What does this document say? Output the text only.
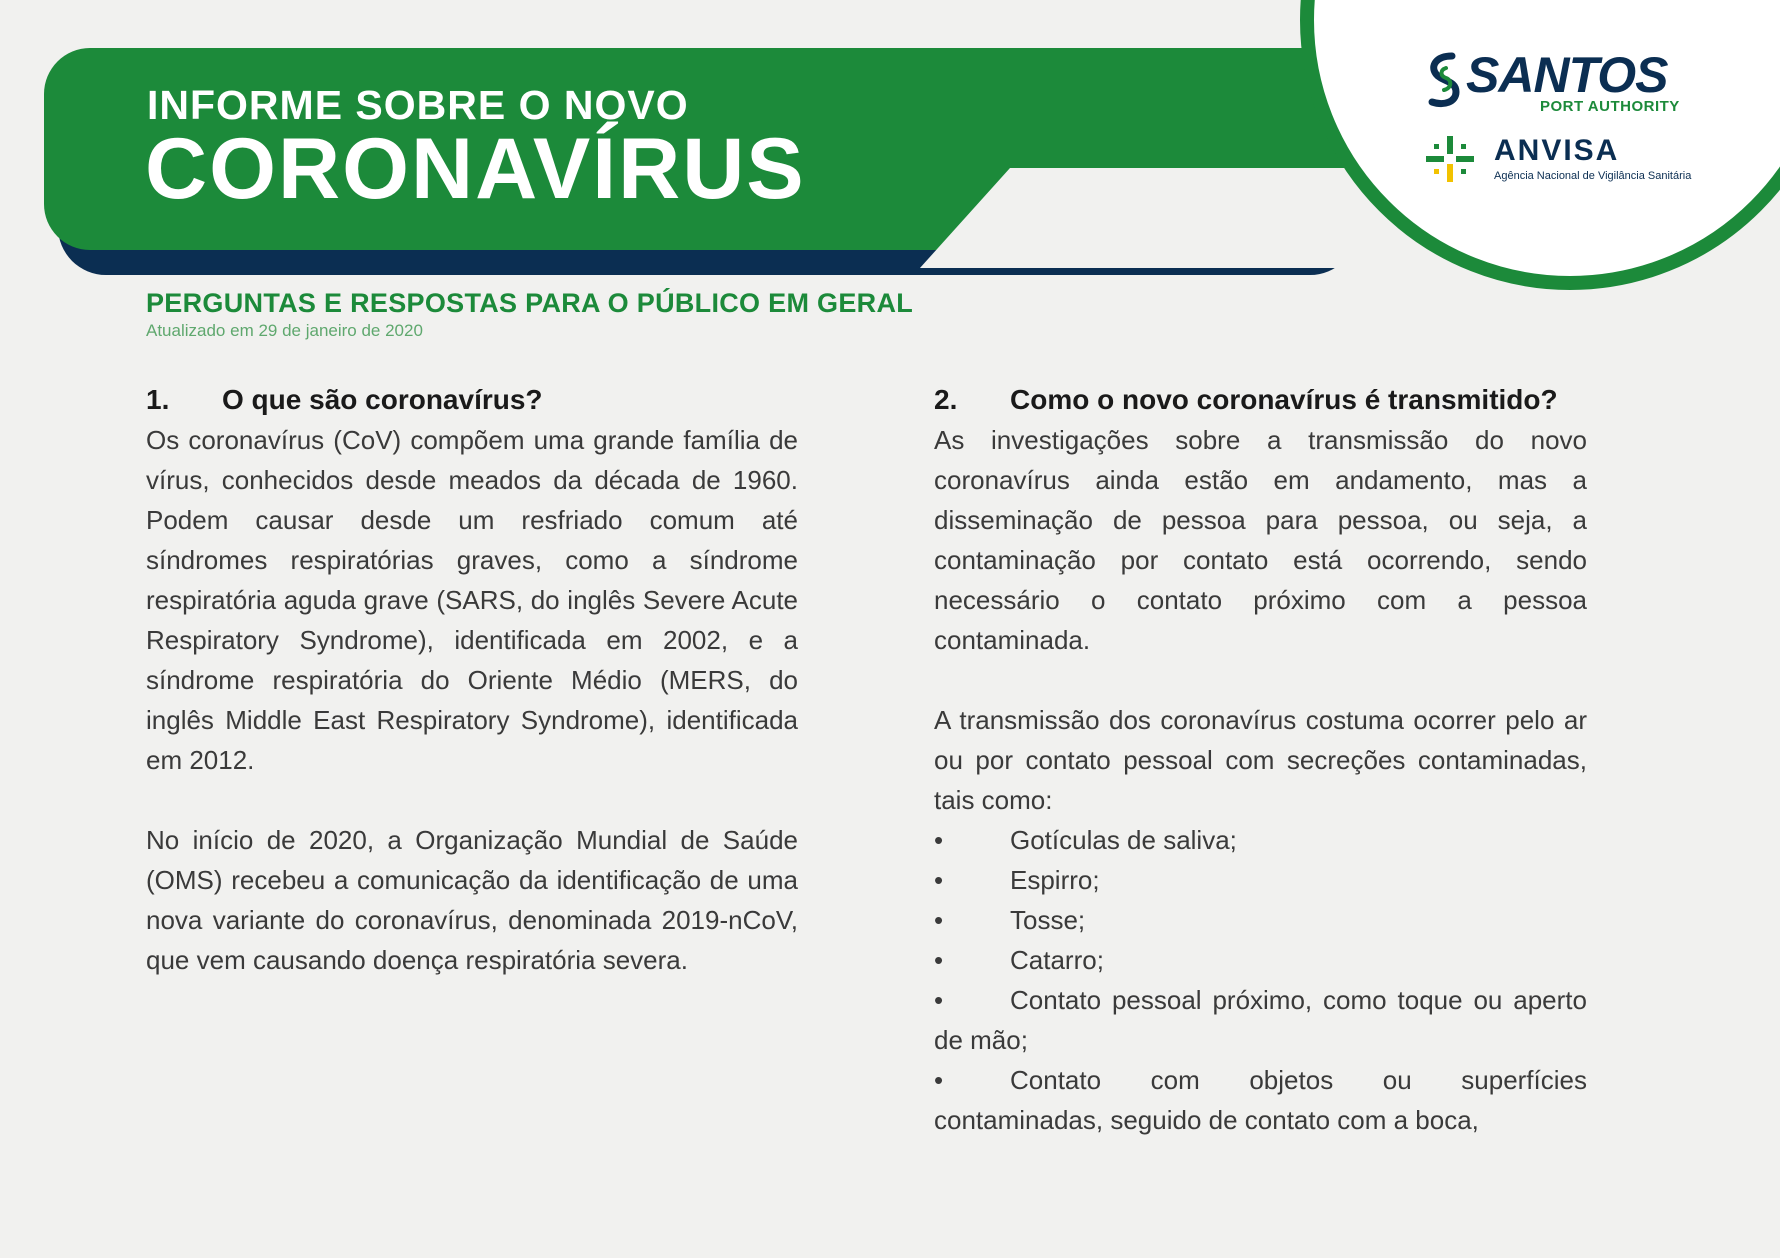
INFORME SOBRE O NOVO
CORONAVÍRUS
SANTOS
PORT AUTHORITY
ANVISA
Agência Nacional de Vigilância Sanitária
PERGUNTAS E RESPOSTAS PARA O PÚBLICO EM GERAL
Atualizado em 29 de janeiro de 2020
1. O que são coronavírus?

Os coronavírus (CoV) compõem uma grande família de vírus, conhecidos desde meados da década de 1960. Podem causar desde um resfriado comum até síndromes respiratórias graves, como a síndrome respiratória aguda grave (SARS, do inglês Severe Acute Respiratory Syndrome), identificada em 2002, e a síndrome respiratória do Oriente Médio (MERS, do inglês Middle East Respiratory Syndrome), identificada em 2012.

No início de 2020, a Organização Mundial de Saúde (OMS) recebeu a comunicação da identificação de uma nova variante do coronavírus, denominada 2019-nCoV, que vem causando doença respiratória severa.

2. Como o novo coronavírus é transmitido?

As investigações sobre a transmissão do novo coronavírus ainda estão em andamento, mas a disseminação de pessoa para pessoa, ou seja, a contaminação por contato está ocorrendo, sendo necessário o contato próximo com a pessoa contaminada.

A transmissão dos coronavírus costuma ocorrer pelo ar ou por contato pessoal com secreções contaminadas, tais como:

•	Gotículas de saliva;

•	Espirro;

•	Tosse;

•	Catarro;

•	Contato pessoal próximo, como toque ou aperto de mão;

•	Contato com objetos ou superfícies contaminadas, seguido de contato com a boca,
